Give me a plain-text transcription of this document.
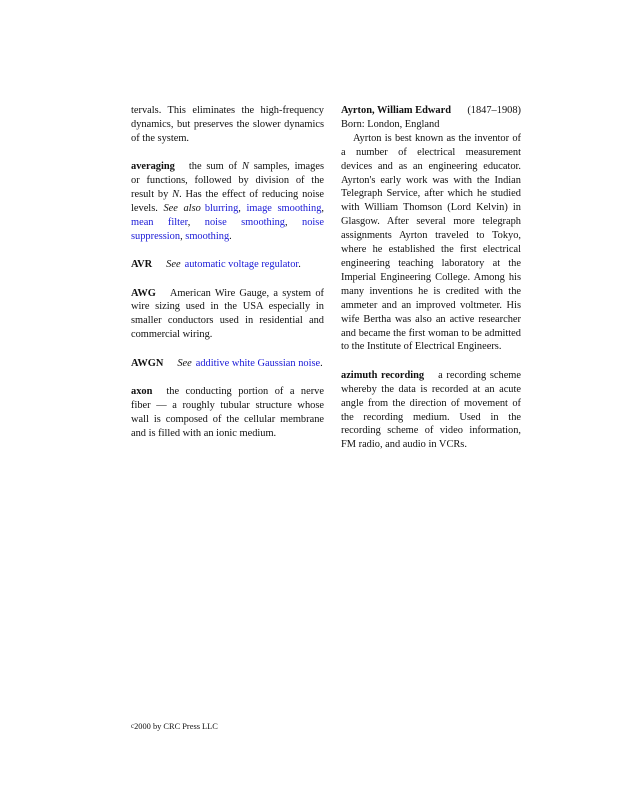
tervals. This eliminates the high-frequency dynamics, but preserves the slower dynamics of the system.

averaging the sum of N samples, images or functions, followed by division of the result by N. Has the effect of reducing noise levels. See also blurring, image smoothing, mean filter, noise smoothing, noise suppression, smoothing.

AVR See automatic voltage regulator.

AWG American Wire Gauge, a system of wire sizing used in the USA especially in smaller conductors used in residential and commercial wiring.

AWGN See additive white Gaussian noise.

axon the conducting portion of a nerve fiber — a roughly tubular structure whose wall is composed of the cellular membrane and is filled with an ionic medium.

Ayrton, William Edward (1847–1908)

Born: London, England

Ayrton is best known as the inventor of a number of electrical measurement devices and as an engineering educator. Ayrton's early work was with the Indian Telegraph Service, after which he studied with William Thomson (Lord Kelvin) in Glasgow. After several more telegraph assignments Ayrton traveled to Tokyo, where he established the first electrical engineering teaching laboratory at the Imperial Engineering College. Among his many inventions he is credited with the ammeter and an improved voltmeter. His wife Bertha was also an active researcher and became the first woman to be admitted to the Institute of Electrical Engineers.

azimuth recording a recording scheme whereby the data is recorded at an acute angle from the direction of movement of the recording medium. Used in the recording scheme of video information, FM radio, and audio in VCRs.

c2000 by CRC Press LLC
